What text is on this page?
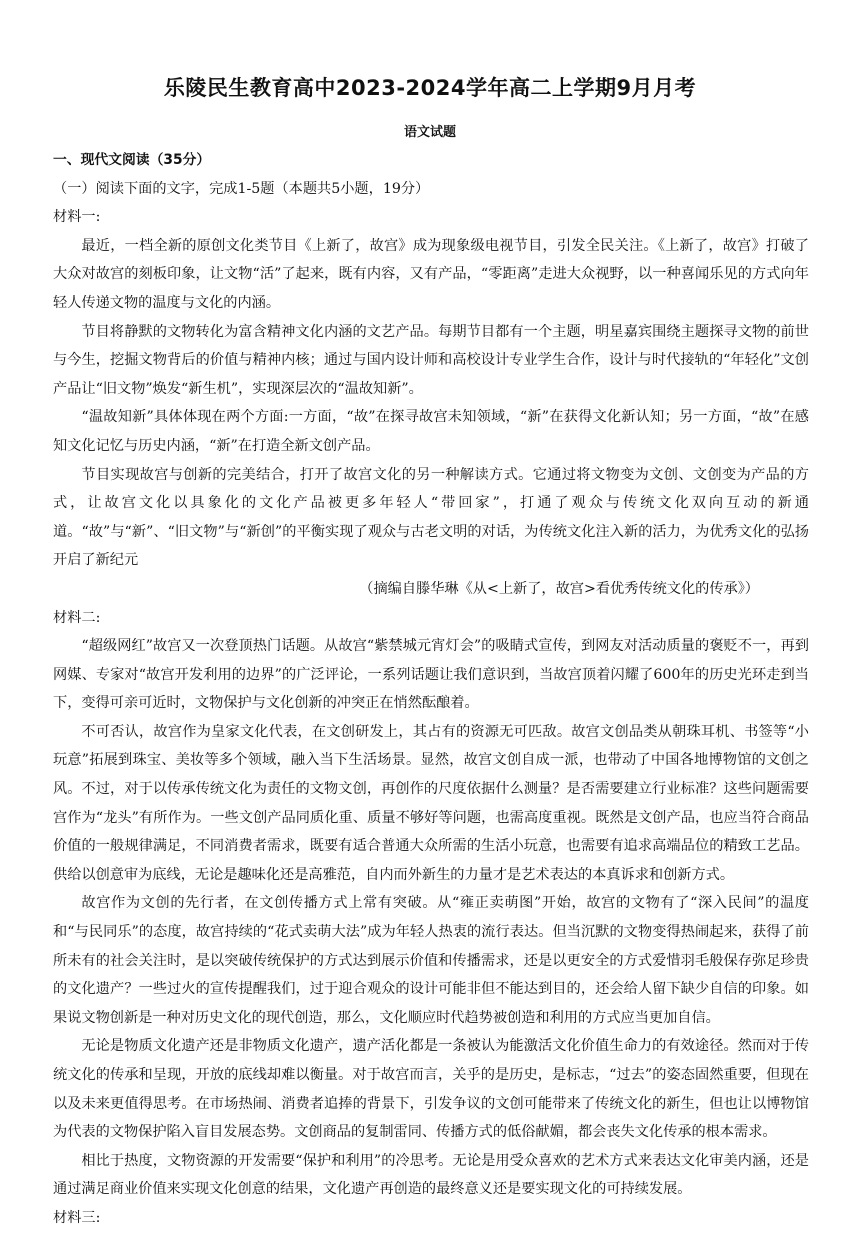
乐陵民生教育高中2023-2024学年高二上学期9月月考
语文试题

一、现代文阅读（35分）

（一）阅读下面的文字，完成1-5题（本题共5小题，19分）

材料一:

最近，一档全新的原创文化类节目《上新了，故宫》成为现象级电视节目，引发全民关注。《上新了，故宫》打破了大众对故宫的刻板印象，让文物“活”了起来，既有内容，又有产品，“零距离”走进大众视野，以一种喜闻乐见的方式向年轻人传递文物的温度与文化的内涵。

节目将静默的文物转化为富含精神文化内涵的文艺产品。每期节目都有一个主题，明星嘉宾围绕主题探寻文物的前世与今生，挖掘文物背后的价值与精神内核；通过与国内设计师和高校设计专业学生合作，设计与时代接轨的“年轻化”文创产品让“旧文物”焕发“新生机”，实现深层次的“温故知新”。

“温故知新”具体体现在两个方面:一方面，“故”在探寻故宫未知领域，“新”在获得文化新认知；另一方面，“故”在感知文化记忆与历史内涵，“新”在打造全新文创产品。

节目实现故宫与创新的完美结合，打开了故宫文化的另一种解读方式。它通过将文物变为文创、文创变为产品的方式，让故宫文化以具象化的文化产品被更多年轻人“带回家”，打通了观众与传统文化双向互动的新通道。“故”与“新”、“旧文物”与“新创”的平衡实现了观众与古老文明的对话，为传统文化注入新的活力，为优秀文化的弘扬开启了新纪元

（摘编自滕华琳《从<上新了，故宫>看优秀传统文化的传承》）

材料二:

“超级网红”故宫又一次登顶热门话题。从故宫“紫禁城元宵灯会”的吸睛式宣传，到网友对活动质量的褒贬不一，再到网媒、专家对“故宫开发利用的边界”的广泛评论，一系列话题让我们意识到，当故宫顶着闪耀了600年的历史光环走到当下，变得可亲可近时，文物保护与文化创新的冲突正在悄然酝酿着。

不可否认，故宫作为皇家文化代表，在文创研发上，其占有的资源无可匹敌。故宫文创品类从朝珠耳机、书签等“小玩意”拓展到珠宝、美妆等多个领域，融入当下生活场景。显然，故宫文创自成一派，也带动了中国各地博物馆的文创之风。不过，对于以传承传统文化为责任的文物文创，再创作的尺度依据什么测量？是否需要建立行业标准？这些问题需要宫作为“龙头”有所作为。一些文创产品同质化重、质量不够好等问题，也需高度重视。既然是文创产品，也应当符合商品价值的一般规律满足，不同消费者需求，既要有适合普通大众所需的生活小玩意，也需要有追求高端品位的精致工艺品。供给以创意审为底线，无论是趣味化还是高雅范，自内而外新生的力量才是艺术表达的本真诉求和创新方式。

故宫作为文创的先行者，在文创传播方式上常有突破。从“雍正卖萌图”开始，故宫的文物有了“深入民间”的温度和“与民同乐”的态度，故宫持续的“花式卖萌大法”成为年轻人热衷的流行表达。但当沉默的文物变得热闹起来，获得了前所未有的社会关注时，是以突破传统保护的方式达到展示价值和传播需求，还是以更安全的方式爱惜羽毛般保存弥足珍贵的文化遗产？一些过火的宣传提醒我们，过于迎合观众的设计可能非但不能达到目的，还会给人留下缺少自信的印象。如果说文物创新是一种对历史文化的现代创造，那么，文化顺应时代趋势被创造和利用的方式应当更加自信。

无论是物质文化遗产还是非物质文化遗产，遗产活化都是一条被认为能激活文化价值生命力的有效途径。然而对于传统文化的传承和呈现，开放的底线却难以衡量。对于故宫而言，关乎的是历史，是标志，“过去”的姿态固然重要，但现在以及未来更值得思考。在市场热闹、消费者追捧的背景下，引发争议的文创可能带来了传统文化的新生，但也让以博物馆为代表的文物保护陷入盲目发展态势。文创商品的复制雷同、传播方式的低俗献媚，都会丧失文化传承的根本需求。

相比于热度，文物资源的开发需要“保护和利用”的冷思考。无论是用受众喜欢的艺术方式来表达文化审美内涵，还是通过满足商业价值来实现文化创意的结果，文化遗产再创造的最终意义还是要实现文化的可持续发展。

材料三:
